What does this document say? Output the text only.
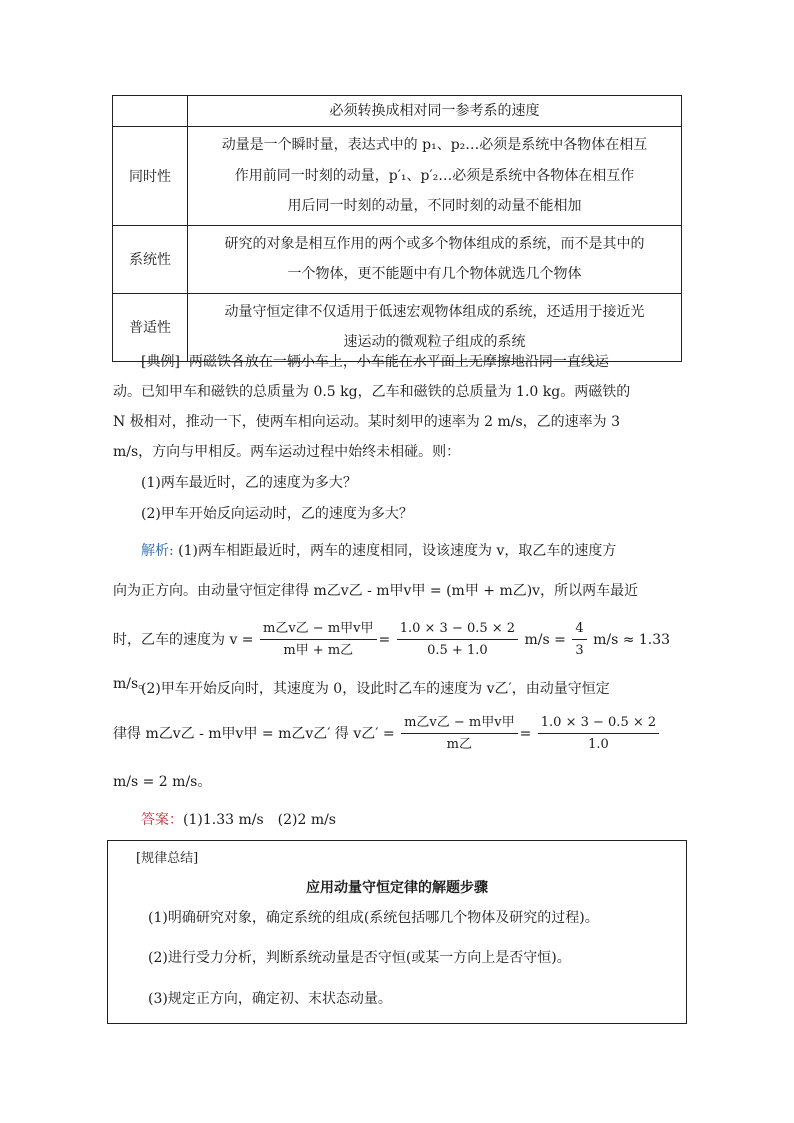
	必须转换成相对同一参考系的速度
同时性	动量是一个瞬时量，表达式中的 p₁、p₂…必须是系统中各物体在相互
作用前同一时刻的动量，p′₁、p′₂…必须是系统中各物体在相互作
用后同一时刻的动量，不同时刻的动量不能相加

系统性	研究的对象是相互作用的两个或多个物体组成的系统，而不是其中的
一个物体，更不能题中有几个物体就选几个物体

普适性	动量守恒定律不仅适用于低速宏观物体组成的系统，还适用于接近光
速运动的微观粒子组成的系统
[典例] 两磁铁各放在一辆小车上，小车能在水平面上无摩擦地沿同一直线运
动。已知甲车和磁铁的总质量为 0.5 kg，乙车和磁铁的总质量为 1.0 kg。两磁铁的
N 极相对，推动一下，使两车相向运动。某时刻甲的速率为 2 m/s，乙的速率为 3
m/s，方向与甲相反。两车运动过程中始终未相碰。则：
(1)两车最近时，乙的速度为多大？
(2)甲车开始反向运动时，乙的速度为多大？
解析: (1)两车相距最近时，两车的速度相同，设该速度为 v，取乙车的速度方
向为正方向。由动量守恒定律得 m乙v乙 - m甲v甲 = (m甲 + m乙)v，所以两车最近
时，乙车的速度为 $v = \frac{\text{m乙v乙 − m甲v甲}}{\text{m甲 + m乙}} = \frac{1.0 \times 3 - 0.5 \times 2}{0.5 + 1.0} m/s = \frac{4}{3} m/s \approx 1.33$ m/s。
(2)甲车开始反向时，其速度为 0，设此时乙车的速度为 v乙′，由动量守恒定
律得 m乙v乙 - m甲v甲 = m乙v乙′ 得 v乙′ = $\frac{\text{m乙v乙 − m甲v甲}}{\text{m乙}} = \frac{1.0 \times 3 - 0.5 \times 2}{1.0}$
m/s = 2 m/s。
答案：(1)1.33 m/s　(2)2 m/s
[规律总结]
应用动量守恒定律的解题步骤
(1)明确研究对象，确定系统的组成(系统包括哪几个物体及研究的过程)。
(2)进行受力分析，判断系统动量是否守恒(或某一方向上是否守恒)。
(3)规定正方向，确定初、末状态动量。
